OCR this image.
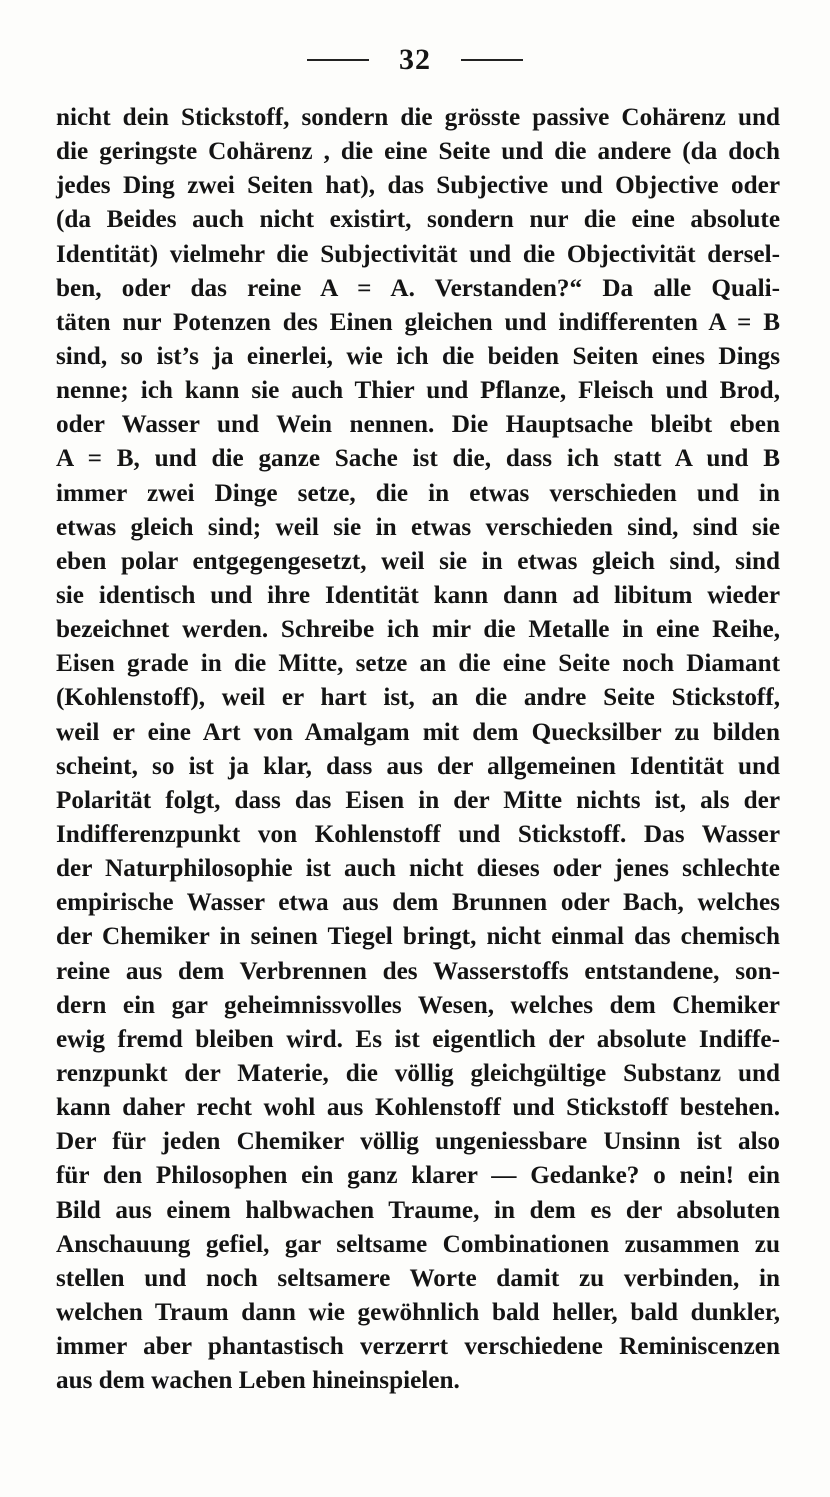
32
nicht dein Stickstoff, sondern die grösste passive Cohärenz und
die geringste Cohärenz , die eine Seite und die andere (da doch
jedes Ding zwei Seiten hat), das Subjective und Objective oder
(da Beides auch nicht existirt, sondern nur die eine absolute
Identität) vielmehr die Subjectivität und die Objectivität dersel-
ben, oder das reine A = A. Verstanden?“ Da alle Quali-
täten nur Potenzen des Einen gleichen und indifferenten A = B
sind, so ist’s ja einerlei, wie ich die beiden Seiten eines Dings
nenne; ich kann sie auch Thier und Pflanze, Fleisch und Brod,
oder Wasser und Wein nennen. Die Hauptsache bleibt eben
A = B, und die ganze Sache ist die, dass ich statt A und B
immer zwei Dinge setze, die in etwas verschieden und in
etwas gleich sind; weil sie in etwas verschieden sind, sind sie
eben polar entgegengesetzt, weil sie in etwas gleich sind, sind
sie identisch und ihre Identität kann dann ad libitum wieder
bezeichnet werden. Schreibe ich mir die Metalle in eine Reihe,
Eisen grade in die Mitte, setze an die eine Seite noch Diamant
(Kohlenstoff), weil er hart ist, an die andre Seite Stickstoff,
weil er eine Art von Amalgam mit dem Quecksilber zu bilden
scheint, so ist ja klar, dass aus der allgemeinen Identität und
Polarität folgt, dass das Eisen in der Mitte nichts ist, als der
Indifferenzpunkt von Kohlenstoff und Stickstoff. Das Wasser
der Naturphilosophie ist auch nicht dieses oder jenes schlechte
empirische Wasser etwa aus dem Brunnen oder Bach, welches
der Chemiker in seinen Tiegel bringt, nicht einmal das chemisch
reine aus dem Verbrennen des Wasserstoffs entstandene, son-
dern ein gar geheimnissvolles Wesen, welches dem Chemiker
ewig fremd bleiben wird. Es ist eigentlich der absolute Indiffe-
renzpunkt der Materie, die völlig gleichgültige Substanz und
kann daher recht wohl aus Kohlenstoff und Stickstoff bestehen.
Der für jeden Chemiker völlig ungeniessbare Unsinn ist also
für den Philosophen ein ganz klarer — Gedanke? o nein! ein
Bild aus einem halbwachen Traume, in dem es der absoluten
Anschauung gefiel, gar seltsame Combinationen zusammen zu
stellen und noch seltsamere Worte damit zu verbinden, in
welchen Traum dann wie gewöhnlich bald heller, bald dunkler,
immer aber phantastisch verzerrt verschiedene Reminiscenzen
aus dem wachen Leben hineinspielen.
